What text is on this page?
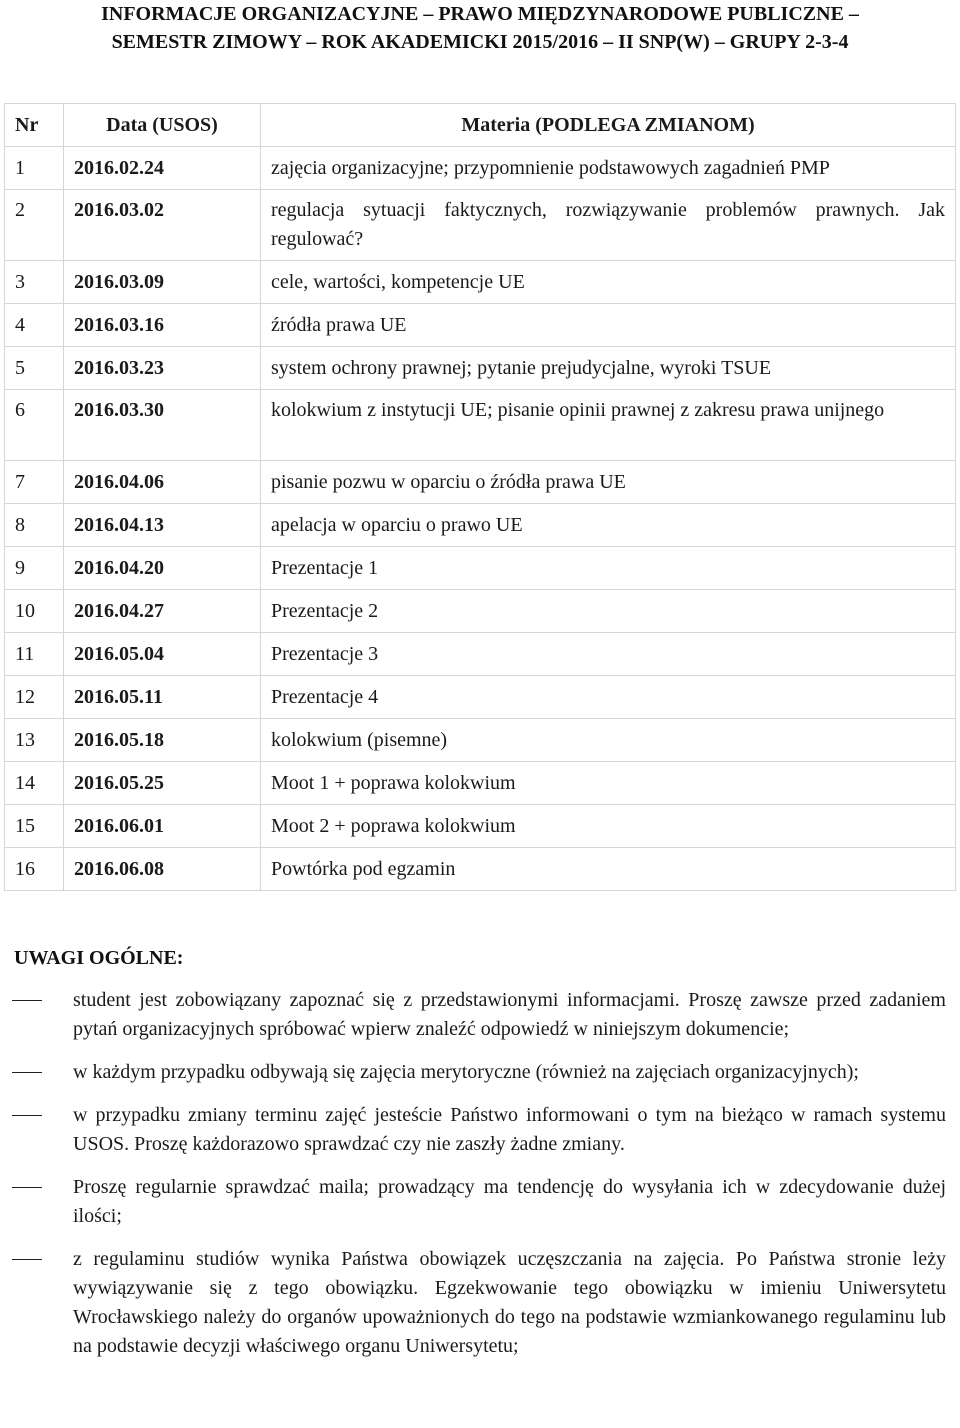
INFORMACJE ORGANIZACYJNE – PRAWO MIĘDZYNARODOWE PUBLICZNE –
SEMESTR ZIMOWY – ROK AKADEMICKI 2015/2016 – II SNP(W) – GRUPY 2-3-4
Nr	Data (USOS)	Materia (PODLEGA ZMIANOM)
1	2016.02.24	zajęcia organizacyjne; przypomnienie podstawowych zagadnień PMP
2	2016.03.02	regulacja sytuacji faktycznych, rozwiązywanie problemów prawnych. Jak regulować?
3	2016.03.09	cele, wartości, kompetencje UE
4	2016.03.16	źródła prawa UE
5	2016.03.23	system ochrony prawnej; pytanie prejudycjalne, wyroki TSUE
6	2016.03.30	kolokwium z instytucji UE; pisanie opinii prawnej z zakresu prawa unijnego
7	2016.04.06	pisanie pozwu w oparciu o źródła prawa UE
8	2016.04.13	apelacja w oparciu o prawo UE
9	2016.04.20	Prezentacje 1
10	2016.04.27	Prezentacje 2
11	2016.05.04	Prezentacje 3
12	2016.05.11	Prezentacje 4
13	2016.05.18	kolokwium (pisemne)
14	2016.05.25	Moot 1 + poprawa kolokwium
15	2016.06.01	Moot 2 + poprawa kolokwium
16	2016.06.08	Powtórka pod egzamin
UWAGI OGÓLNE:
student jest zobowiązany zapoznać się z przedstawionymi informacjami. Proszę zawsze przed zadaniem pytań organizacyjnych spróbować wpierw znaleźć odpowiedź w niniejszym dokumencie;
w każdym przypadku odbywają się zajęcia merytoryczne (również na zajęciach organizacyjnych);
w przypadku zmiany terminu zajęć jesteście Państwo informowani o tym na bieżąco w ramach systemu USOS. Proszę każdorazowo sprawdzać czy nie zaszły żadne zmiany.
Proszę regularnie sprawdzać maila; prowadzący ma tendencję do wysyłania ich w zdecydowanie dużej ilości;
z regulaminu studiów wynika Państwa obowiązek uczęszczania na zajęcia. Po Państwa stronie leży wywiązywanie się z tego obowiązku. Egzekwowanie tego obowiązku w imieniu Uniwersytetu Wrocławskiego należy do organów upoważnionych do tego na podstawie wzmiankowanego regulaminu lub na podstawie decyzji właściwego organu Uniwersytetu;
